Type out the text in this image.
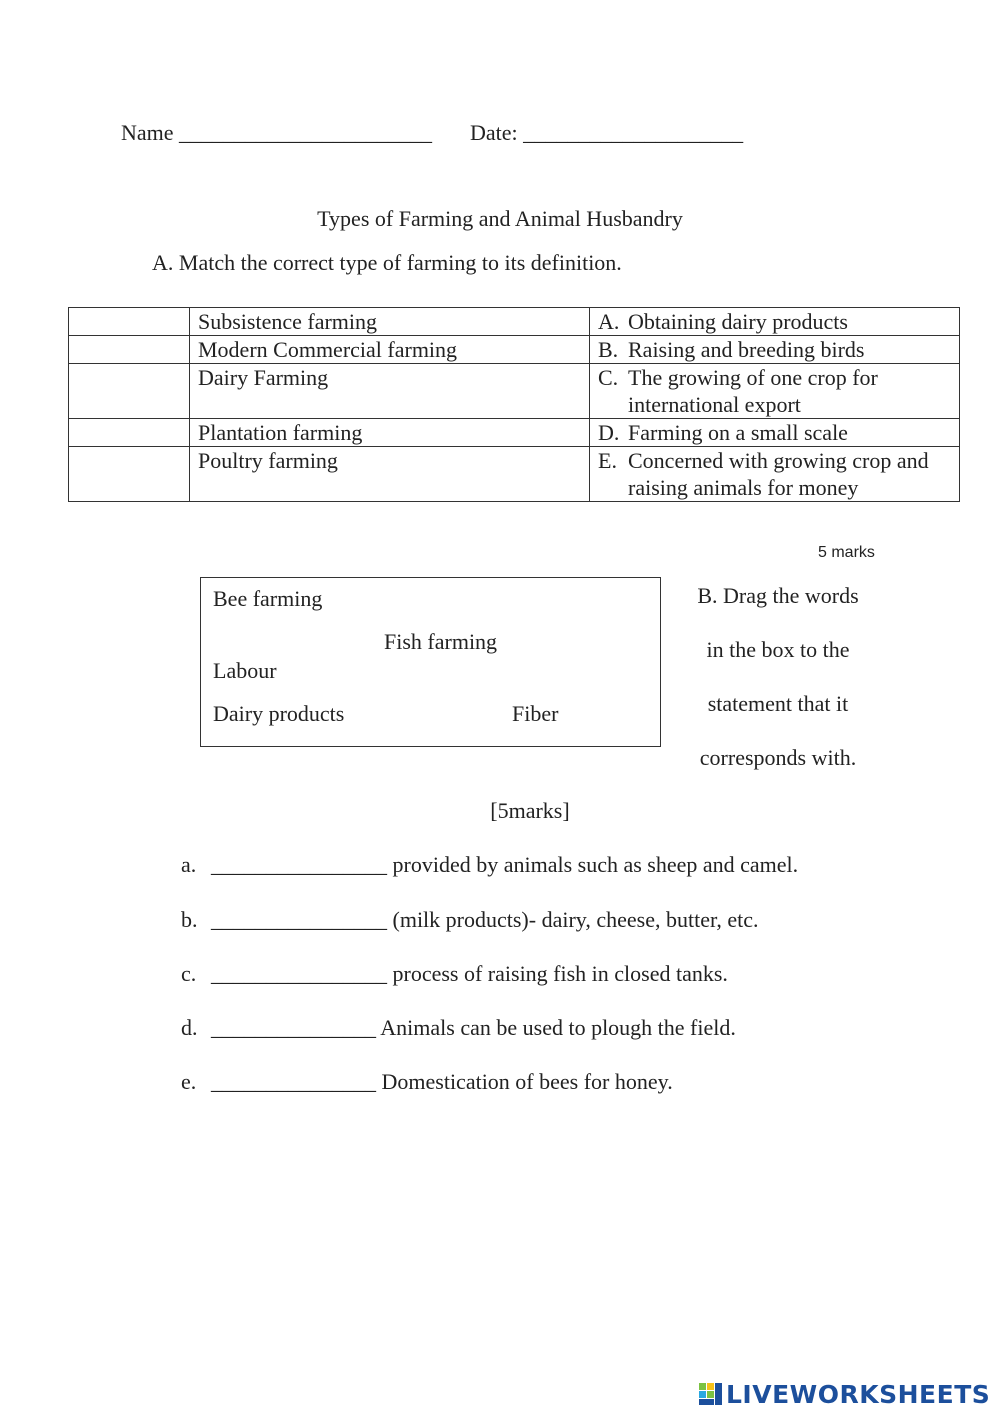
Name _______________________ Date: ____________________
Types of Farming and Animal Husbandry
A. Match the correct type of farming to its definition.
	Subsistence farming	A. Obtaining dairy products
	Modern Commercial farming	B. Raising and breeding birds
	Dairy Farming	C. The growing of one crop for international export
	Plantation farming	D. Farming on a small scale
	Poultry farming	E. Concerned with growing crop and raising animals for money
5 marks
Bee farming
Fish farming
Labour
Dairy products	Fiber
B. Drag the words
in the box to the
statement that it
corresponds with.
[5marks]
a. ________________ provided by animals such as sheep and camel.
b. ________________ (milk products)- dairy, cheese, butter, etc.
c. ________________ process of raising fish in closed tanks.
d. _______________ Animals can be used to plough the field.
e. _______________ Domestication of bees for honey.
LIVEWORKSHEETS
